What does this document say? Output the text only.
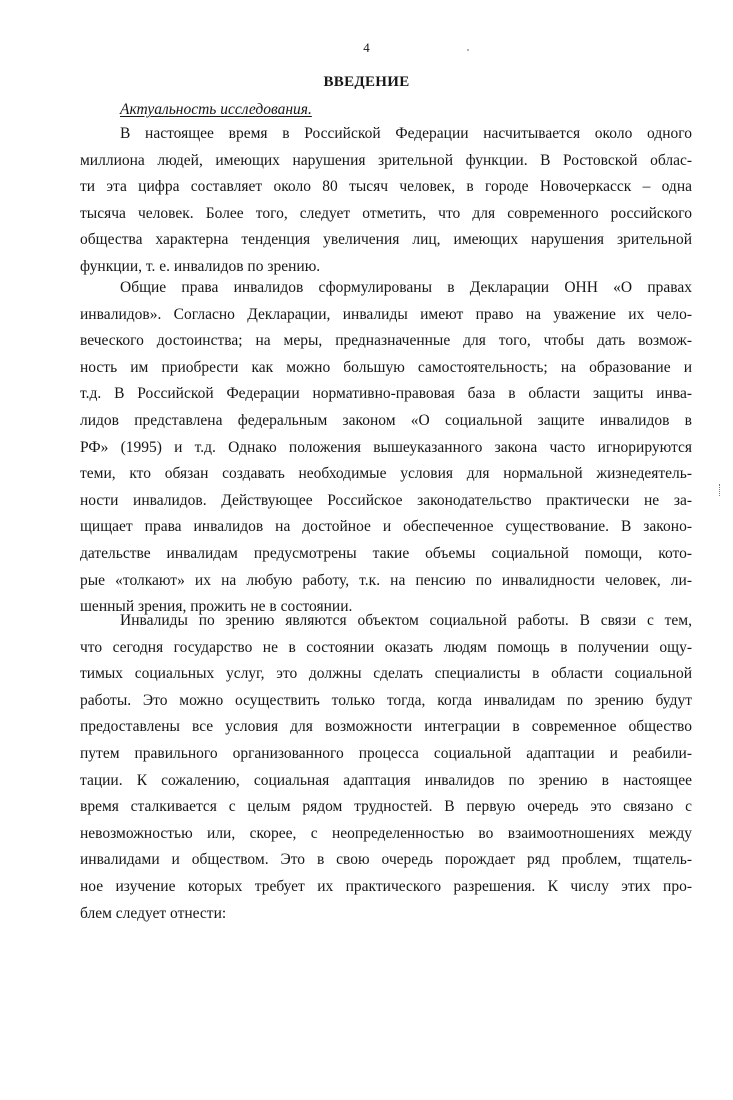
4
ВВЕДЕНИЕ
Актуальность исследования.
В настоящее время в Российской Федерации насчитывается около одного
миллиона людей, имеющих нарушения зрительной функции. В Ростовской облас-
ти эта цифра составляет около 80 тысяч человек, в городе Новочеркасск – одна
тысяча человек. Более того, следует отметить, что для современного российского
общества характерна тенденция увеличения лиц, имеющих нарушения зрительной
функции, т. е. инвалидов по зрению.
Общие права инвалидов сформулированы в Декларации ОНН «О правах
инвалидов». Согласно Декларации, инвалиды имеют право на уважение их чело-
веческого достоинства; на меры, предназначенные для того, чтобы дать возмож-
ность им приобрести как можно большую самостоятельность; на образование и
т.д. В Российской Федерации нормативно-правовая база в области защиты инва-
лидов представлена федеральным законом «О социальной защите инвалидов в
РФ» (1995) и т.д. Однако положения вышеуказанного закона часто игнорируются
теми, кто обязан создавать необходимые условия для нормальной жизнедеятель-
ности инвалидов. Действующее Российское законодательство практически не за-
щищает права инвалидов на достойное и обеспеченное существование. В законо-
дательстве инвалидам предусмотрены такие объемы социальной помощи, кото-
рые «толкают» их на любую работу, т.к. на пенсию по инвалидности человек, ли-
шенный зрения, прожить не в состоянии.
Инвалиды по зрению являются объектом социальной работы. В связи с тем,
что сегодня государство не в состоянии оказать людям помощь в получении ощу-
тимых социальных услуг, это должны сделать специалисты в области социальной
работы. Это можно осуществить только тогда, когда инвалидам по зрению будут
предоставлены все условия для возможности интеграции в современное общество
путем правильного организованного процесса социальной адаптации и реабили-
тации. К сожалению, социальная адаптация инвалидов по зрению в настоящее
время сталкивается с целым рядом трудностей. В первую очередь это связано с
невозможностью или, скорее, с неопределенностью во взаимоотношениях между
инвалидами и обществом. Это в свою очередь порождает ряд проблем, тщатель-
ное изучение которых требует их практического разрешения. К числу этих про-
блем следует отнести:
